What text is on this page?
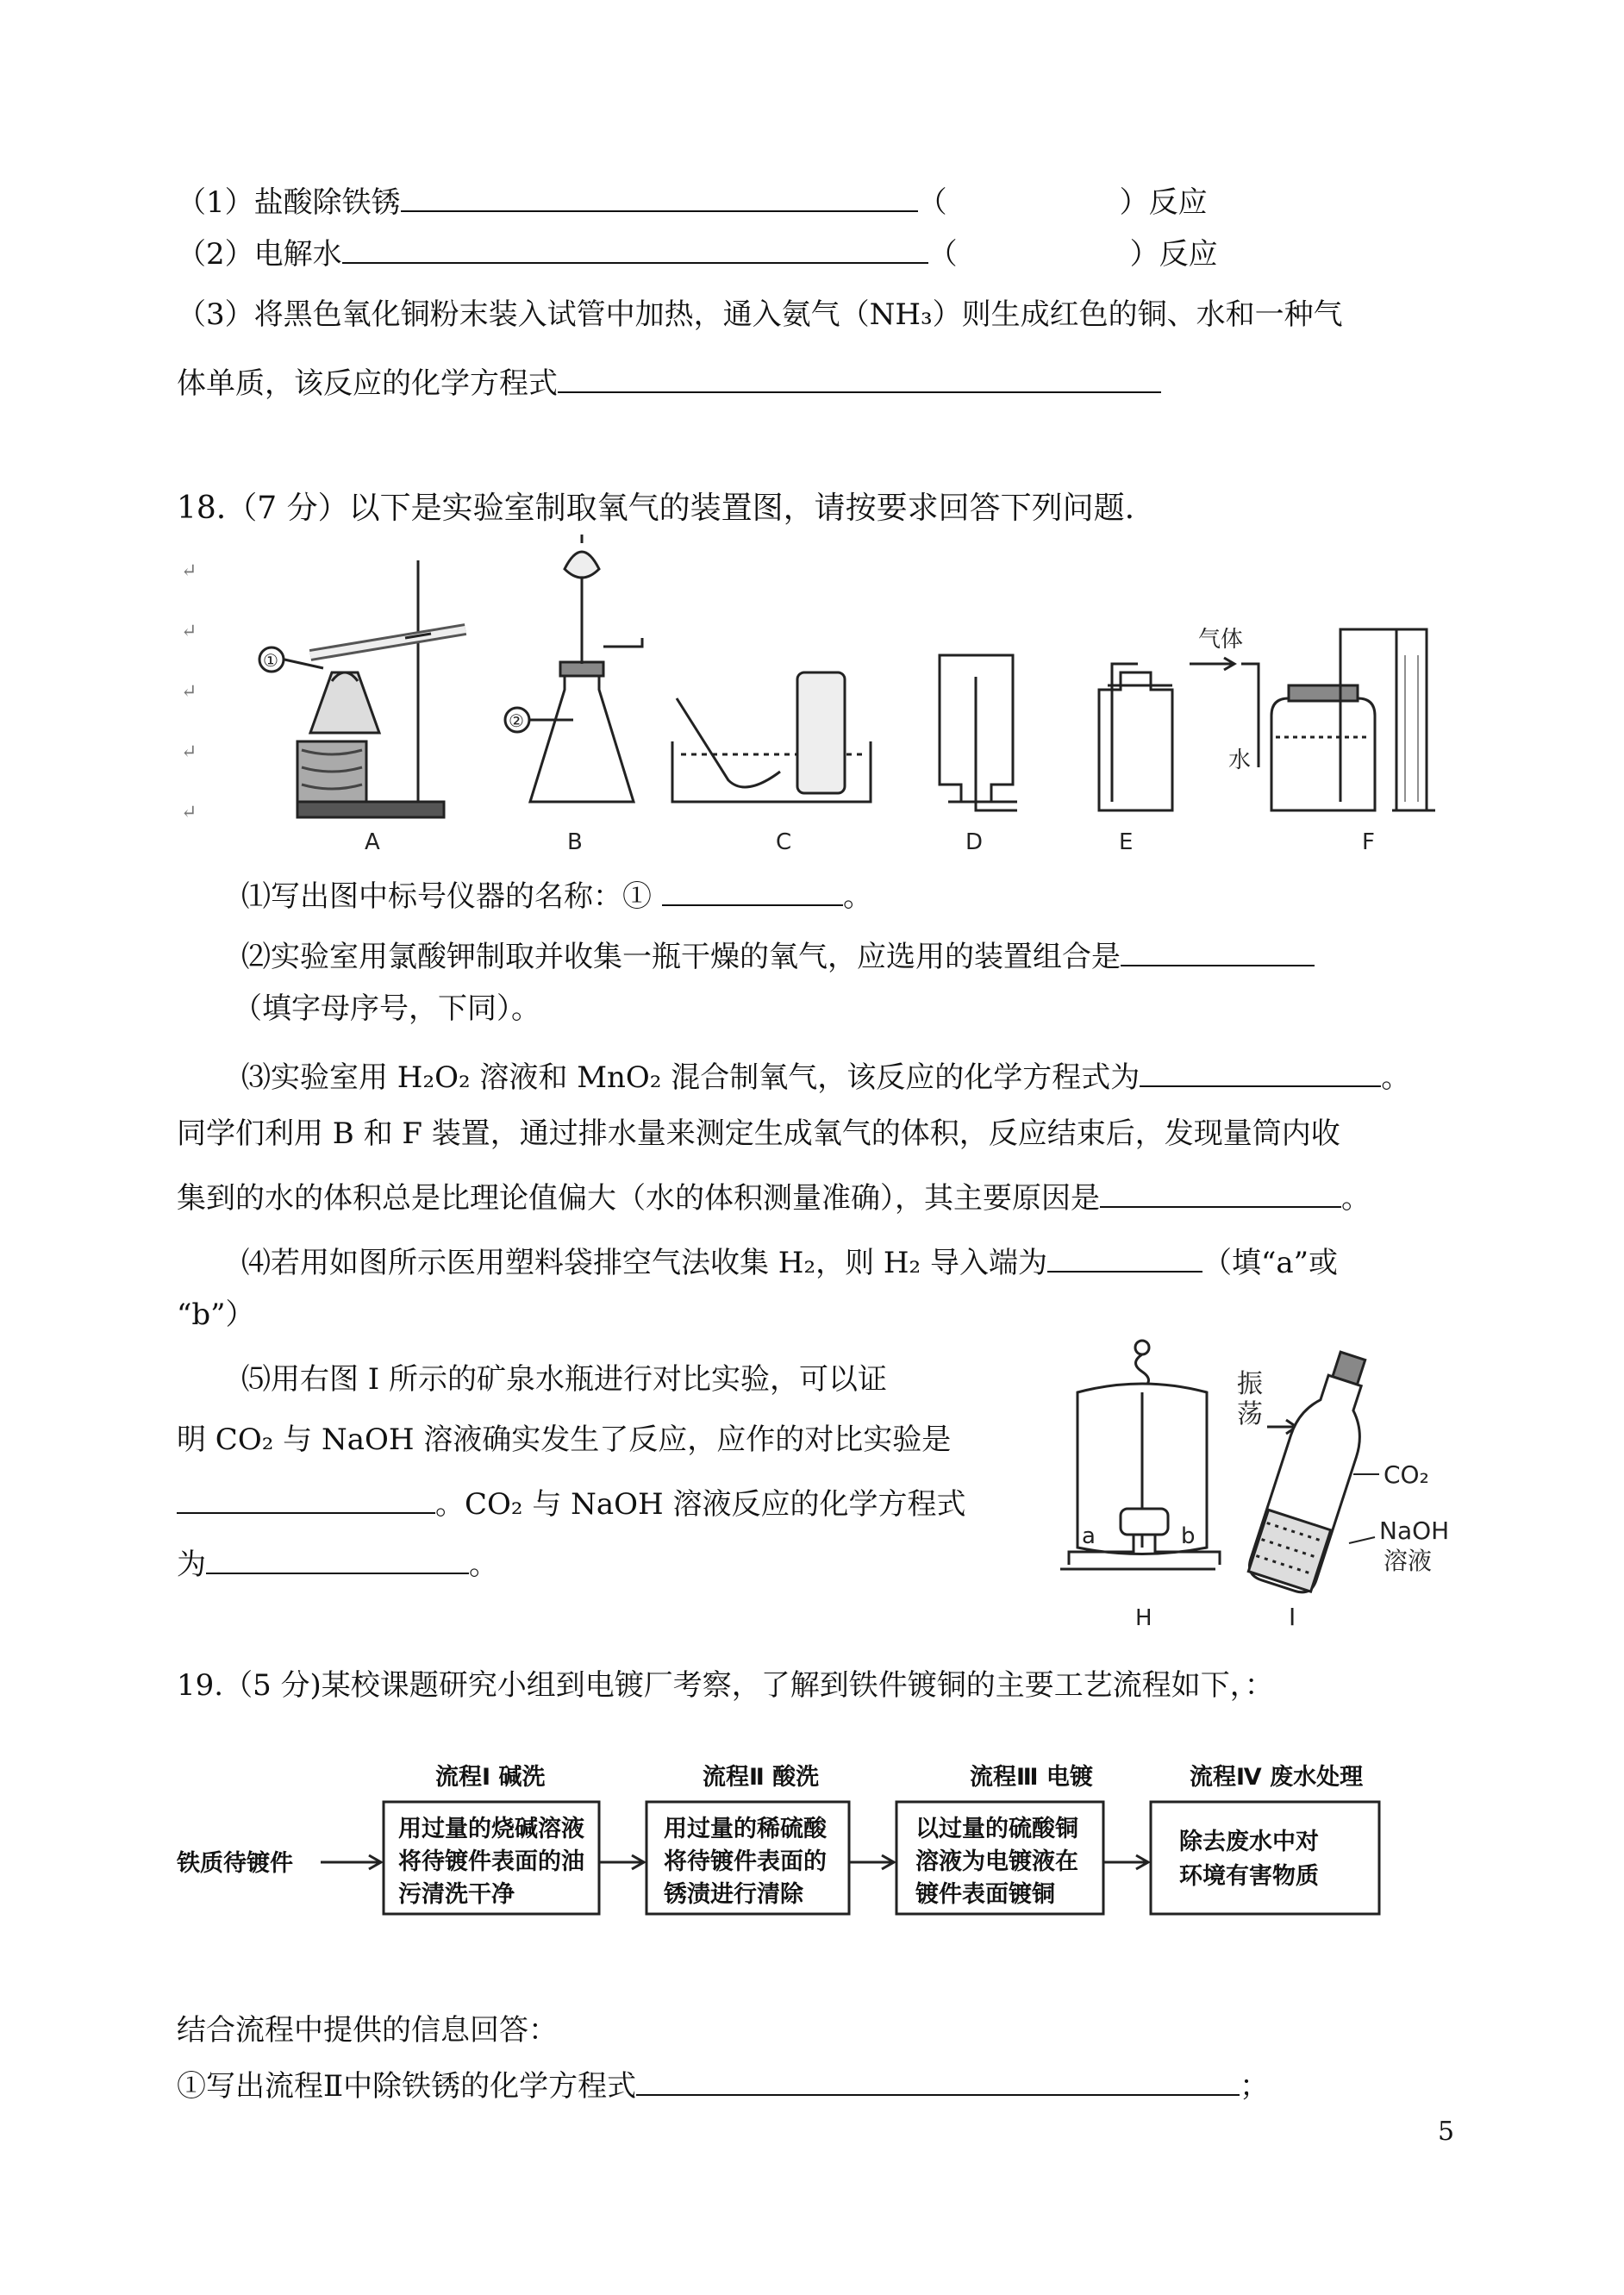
（1）盐酸除铁锈	（	）反应
（2）电解水	（	）反应
（3）将黑色氧化铜粉末装入试管中加热，通入氨气（NH₃）则生成红色的铜、水和一种气
体单质，该反应的化学方程式
18.（7 分）以下是实验室制取氧气的装置图，请按要求回答下列问题.
↵
↵
↵
↵
↵
①
A
②
B	C	D	E
气体
水
F
⑴写出图中标号仪器的名称：①	。
⑵实验室用氯酸钾制取并收集一瓶干燥的氧气，应选用的装置组合是
（填字母序号，下同）。
⑶实验室用 H₂O₂ 溶液和 MnO₂ 混合制氧气，该反应的化学方程式为	。
同学们利用 B 和 F 装置，通过排水量来测定生成氧气的体积，反应结束后，发现量筒内收
集到的水的体积总是比理论值偏大（水的体积测量准确），其主要原因是	。
⑷若用如图所示医用塑料袋排空气法收集 H₂，则 H₂ 导入端为	（填“a”或
“b”）
⑸用右图 I 所示的矿泉水瓶进行对比实验，可以证
明 CO₂ 与 NaOH 溶液确实发生了反应，应作的对比实验是
。CO₂ 与 NaOH 溶液反应的化学方程式
为	。
a	b
H
振
荡
CO₂
NaOH
溶液
I
19.（5 分)某校课题研究小组到电镀厂考察，了解到铁件镀铜的主要工艺流程如下，：
铁质待镀件
流程Ⅰ 碱洗
用过量的烧碱溶液
将待镀件表面的油
污清洗干净
流程Ⅱ 酸洗
用过量的稀硫酸
将待镀件表面的
锈渍进行清除
流程Ⅲ 电镀
以过量的硫酸铜
溶液为电镀液在
镀件表面镀铜
流程Ⅳ 废水处理
除去废水中对
环境有害物质
结合流程中提供的信息回答：
①写出流程Ⅱ中除铁锈的化学方程式	；
5
